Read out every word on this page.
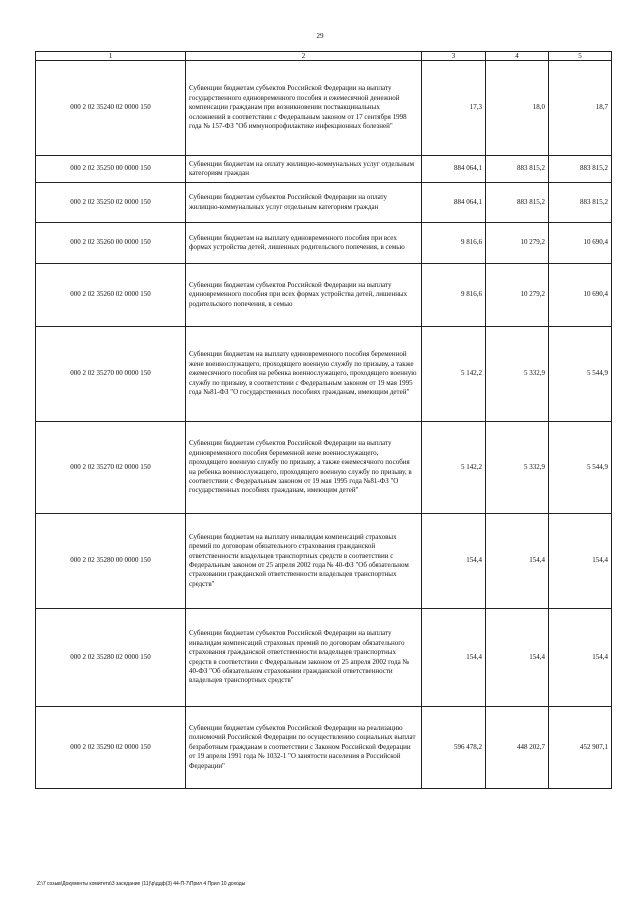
29
1	2	3	4	5
000 2 02 35240 02 0000 150	Субвенции бюджетам субъектов Российской Федерации на выплату государственного единовременного пособия и ежемесячной денежной компенсации гражданам при возникновении поствакцинальных осложнений в соответствии с Федеральным законом от 17 сентября 1998 года № 157-ФЗ "Об иммунопрофилактике инфекционных болезней"	17,3	18,0	18,7
000 2 02 35250 00 0000 150	Субвенции бюджетам на оплату жилищно-коммунальных услуг отдельным категориям граждан	884 064,1	883 815,2	883 815,2
000 2 02 35250 02 0000 150	Субвенции бюджетам субъектов Российской Федерации на оплату жилищно-коммунальных услуг отдельным категориям граждан	884 064,1	883 815,2	883 815,2
000 2 02 35260 00 0000 150	Субвенции бюджетам на выплату единовременного пособия при всех формах устройства детей, лишенных родительского попечения, в семью	9 816,6	10 279,2	10 690,4
000 2 02 35260 02 0000 150	Субвенции бюджетам субъектов Российской Федерации на выплату единовременного пособия при всех формах устройства детей, лишенных родительского попечения, в семью	9 816,6	10 279,2	10 690,4
000 2 02 35270 00 0000 150	Субвенции бюджетам на выплату единовременного пособия беременной жене военнослужащего, проходящего военную службу по призыву, а также ежемесячного пособия на ребенка военнослужащего, проходящего военную службу по призыву, в соответствии с Федеральным законом от 19 мая 1995 года №81-ФЗ "О государственных пособиях гражданам, имеющим детей"	5 142,2	5 332,9	5 544,9
000 2 02 35270 02 0000 150	Субвенции бюджетам субъектов Российской Федерации на выплату единовременного пособия беременной жене военнослужащего, проходящего военную службу по призыву, а также ежемесячного пособия на ребенка военнослужащего, проходящего военную службу по призыву, в соответствии с Федеральным законом от 19 мая 1995 года №81-ФЗ "О государственных пособиях гражданам, имеющим детей"	5 142,2	5 332,9	5 544,9
000 2 02 35280 00 0000 150	Субвенции бюджетам на выплату инвалидам компенсаций страховых премий по договорам обязательного страхования гражданской ответственности владельцев транспортных средств в соответствии с Федеральным законом от 25 апреля 2002 года № 40-ФЗ "Об обязательном страховании гражданской ответственности владельцев транспортных средств"	154,4	154,4	154,4
000 2 02 35280 02 0000 150	Субвенции бюджетам субъектов Российской Федерации на выплату инвалидам компенсаций страховых премий по договорам обязательного страхования гражданской ответственности владельцев транспортных средств в соответствии с Федеральным законом от 25 апреля 2002 года № 40-ФЗ "Об обязательном страховании гражданской ответственности владельцев транспортных средств"	154,4	154,4	154,4
000 2 02 35290 02 0000 150	Субвенции бюджетам субъектов Российской Федерации на реализацию полномочий Российской Федерации по осуществлению социальных выплат безработным гражданам в соответствии с Законом Российской Федерации от 19 апреля 1991 года № 1032-1 "О занятости населения в Российской Федерации"	596 478,2	448 202,7	452 907,1
Z:\7 созыв\Документы комитета\3 заседание (11)\р\ддф(3) 44-П-7\Прил 4 Прил 10 доходы
